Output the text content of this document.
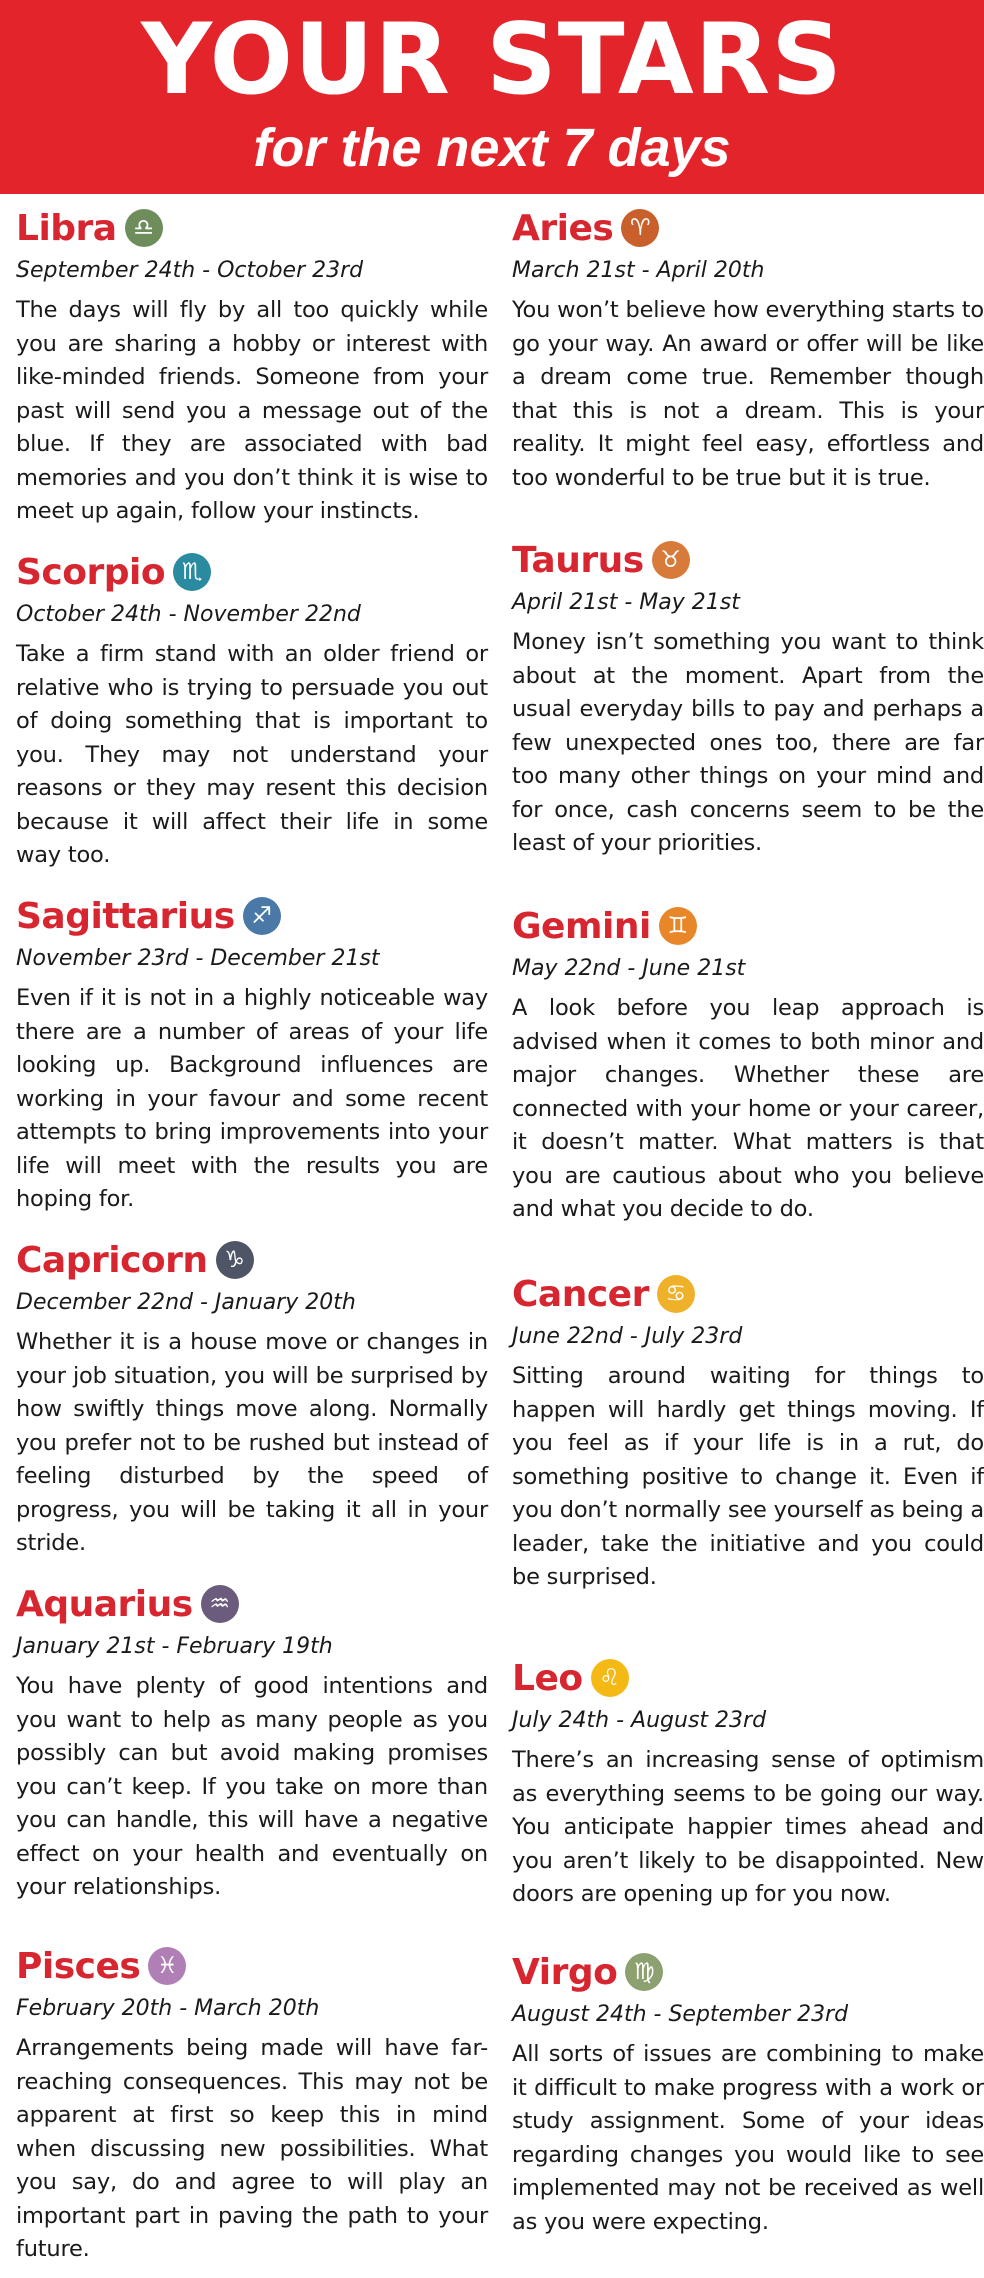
YOUR STARS
for the next 7 days
Libra ♎
September 24th - October 23rd

The days will fly by all too quickly while you are sharing a hobby or interest with like-minded friends. Someone from your past will send you a message out of the blue. If they are associated with bad memories and you don’t think it is wise to meet up again, follow your instincts.

Scorpio ♏
October 24th - November 22nd

Take a firm stand with an older friend or relative who is trying to persuade you out of doing something that is important to you. They may not understand your reasons or they may resent this decision because it will affect their life in some way too.

Sagittarius ♐
November 23rd - December 21st

Even if it is not in a highly noticeable way there are a number of areas of your life looking up. Background influences are working in your favour and some recent attempts to bring improvements into your life will meet with the results you are hoping for.

Capricorn ♑
December 22nd - January 20th

Whether it is a house move or changes in your job situation, you will be surprised by how swiftly things move along. Normally you prefer not to be rushed but instead of feeling disturbed by the speed of progress, you will be taking it all in your stride.

Aquarius ♒
January 21st - February 19th

You have plenty of good intentions and you want to help as many people as you possibly can but avoid making promises you can’t keep. If you take on more than you can handle, this will have a negative effect on your health and eventually on your relationships.

Pisces ♓
February 20th - March 20th

Arrangements being made will have far-reaching consequences. This may not be apparent at first so keep this in mind when discussing new possibilities. What you say, do and agree to will play an important part in paving the path to your future.

Aries ♈
March 21st - April 20th

You won’t believe how everything starts to go your way. An award or offer will be like a dream come true. Remember though that this is not a dream. This is your reality. It might feel easy, effortless and too wonderful to be true but it is true.

Taurus ♉
April 21st - May 21st

Money isn’t something you want to think about at the moment. Apart from the usual everyday bills to pay and perhaps a few unexpected ones too, there are far too many other things on your mind and for once, cash concerns seem to be the least of your priorities.

Gemini ♊
May 22nd - June 21st

A look before you leap approach is advised when it comes to both minor and major changes. Whether these are connected with your home or your career, it doesn’t matter. What matters is that you are cautious about who you believe and what you decide to do.

Cancer ♋
June 22nd - July 23rd

Sitting around waiting for things to happen will hardly get things moving. If you feel as if your life is in a rut, do something positive to change it. Even if you don’t normally see yourself as being a leader, take the initiative and you could be surprised.

Leo ♌
July 24th - August 23rd

There’s an increasing sense of optimism as everything seems to be going our way. You anticipate happier times ahead and you aren’t likely to be disappointed. New doors are opening up for you now.

Virgo ♍
August 24th - September 23rd

All sorts of issues are combining to make it difficult to make progress with a work or study assignment. Some of your ideas regarding changes you would like to see implemented may not be received as well as you were expecting.
